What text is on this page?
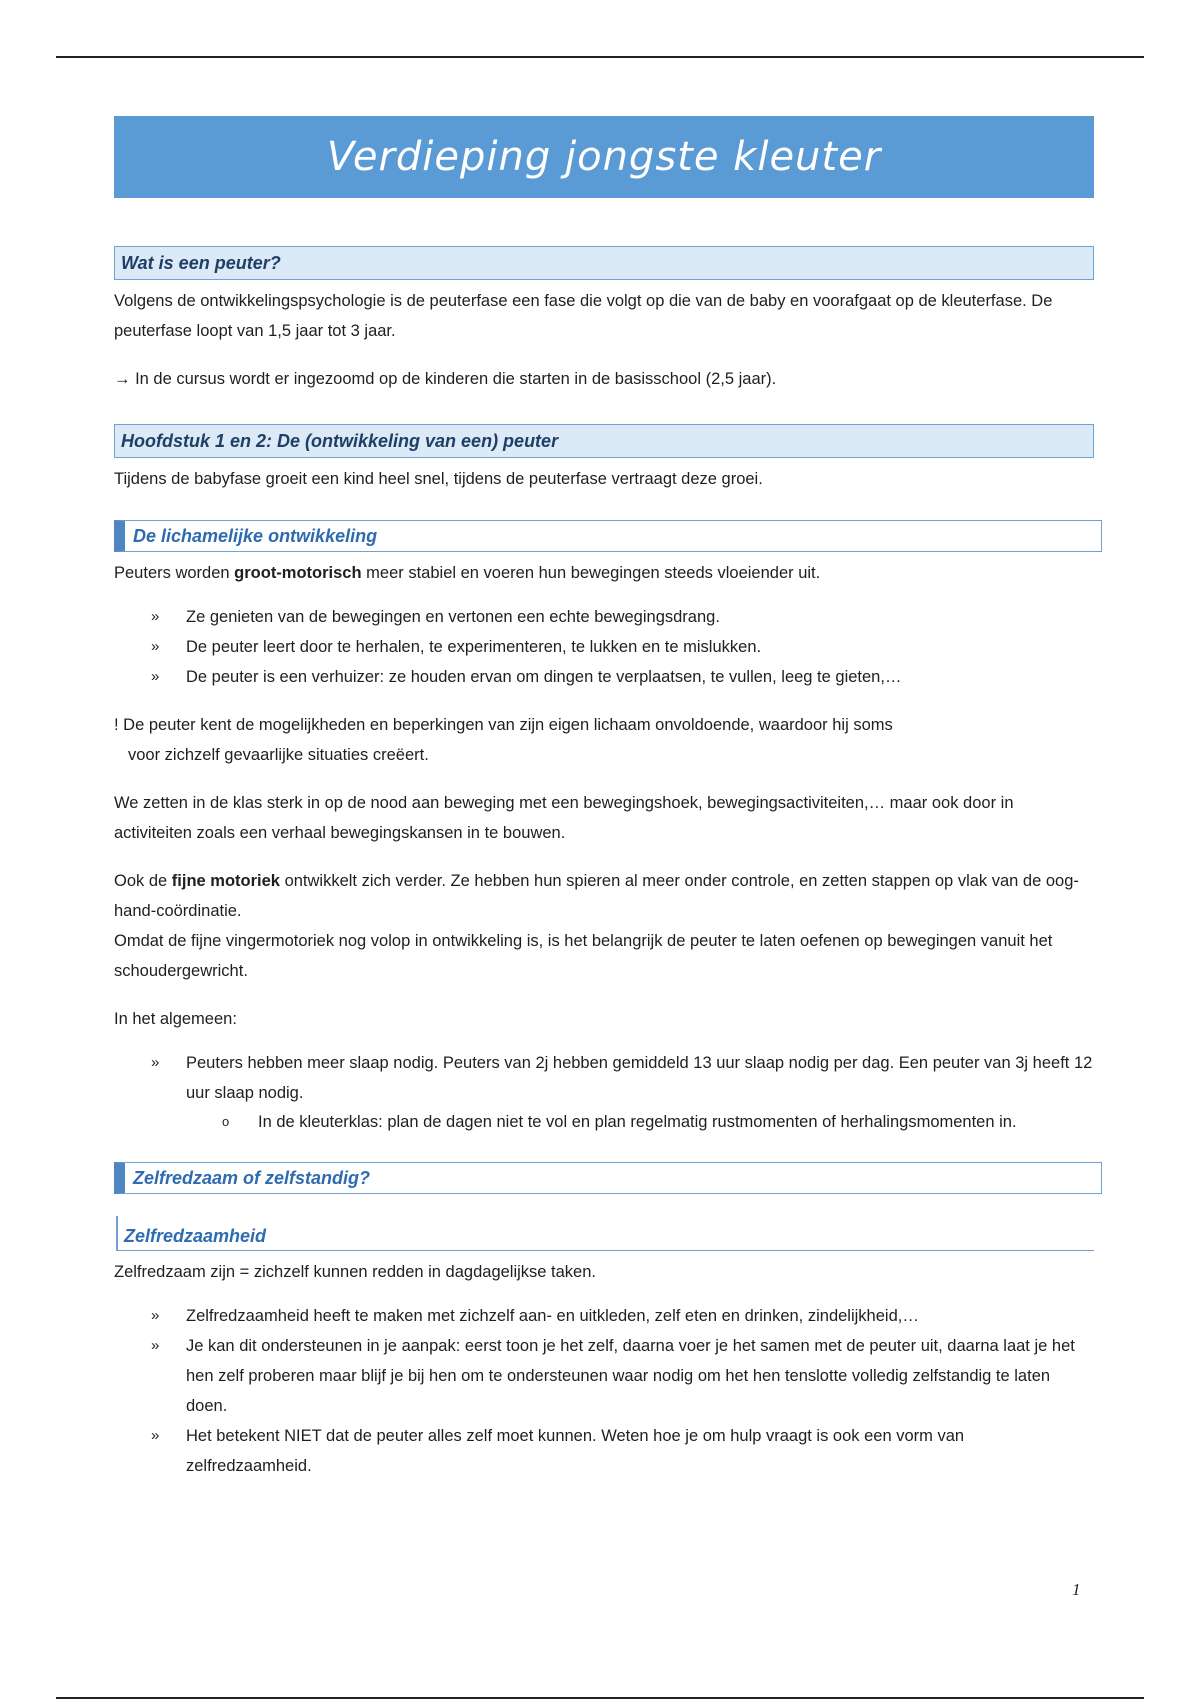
Verdieping jongste kleuter
Wat is een peuter?

Volgens de ontwikkelingspsychologie is de peuterfase een fase die volgt op die van de baby en voorafgaat op de kleuterfase. De peuterfase loopt van 1,5 jaar tot 3 jaar.

→ In de cursus wordt er ingezoomd op de kinderen die starten in de basisschool (2,5 jaar).

Hoofdstuk 1 en 2: De (ontwikkeling van een) peuter

Tijdens de babyfase groeit een kind heel snel, tijdens de peuterfase vertraagt deze groei.

De lichamelijke ontwikkeling

Peuters worden groot-motorisch meer stabiel en voeren hun bewegingen steeds vloeiender uit.

» Ze genieten van de bewegingen en vertonen een echte bewegingsdrang.
» De peuter leert door te herhalen, te experimenteren, te lukken en te mislukken.
» De peuter is een verhuizer: ze houden ervan om dingen te verplaatsen, te vullen, leeg te gieten,…

! De peuter kent de mogelijkheden en beperkingen van zijn eigen lichaam onvoldoende, waardoor hij soms
voor zichzelf gevaarlijke situaties creëert.

We zetten in de klas sterk in op de nood aan beweging met een bewegingshoek, bewegingsactiviteiten,… maar ook door in activiteiten zoals een verhaal bewegingskansen in te bouwen.

Ook de fijne motoriek ontwikkelt zich verder. Ze hebben hun spieren al meer onder controle, en zetten stappen op vlak van de oog-hand-coördinatie.

Omdat de fijne vingermotoriek nog volop in ontwikkeling is, is het belangrijk de peuter te laten oefenen op bewegingen vanuit het schoudergewricht.

In het algemeen:

» Peuters hebben meer slaap nodig. Peuters van 2j hebben gemiddeld 13 uur slaap nodig per dag. Een peuter van 3j heeft 12 uur slaap nodig.
o In de kleuterklas: plan de dagen niet te vol en plan regelmatig rustmomenten of herhalingsmomenten in.
Zelfredzaam of zelfstandig?
Zelfredzaamheid

Zelfredzaam zijn = zichzelf kunnen redden in dagdagelijkse taken.

» Zelfredzaamheid heeft te maken met zichzelf aan- en uitkleden, zelf eten en drinken, zindelijkheid,…
» Je kan dit ondersteunen in je aanpak: eerst toon je het zelf, daarna voer je het samen met de peuter uit, daarna laat je het hen zelf proberen maar blijf je bij hen om te ondersteunen waar nodig om het hen tenslotte volledig zelfstandig te laten doen.
» Het betekent NIET dat de peuter alles zelf moet kunnen. Weten hoe je om hulp vraagt is ook een vorm van zelfredzaamheid.
1
